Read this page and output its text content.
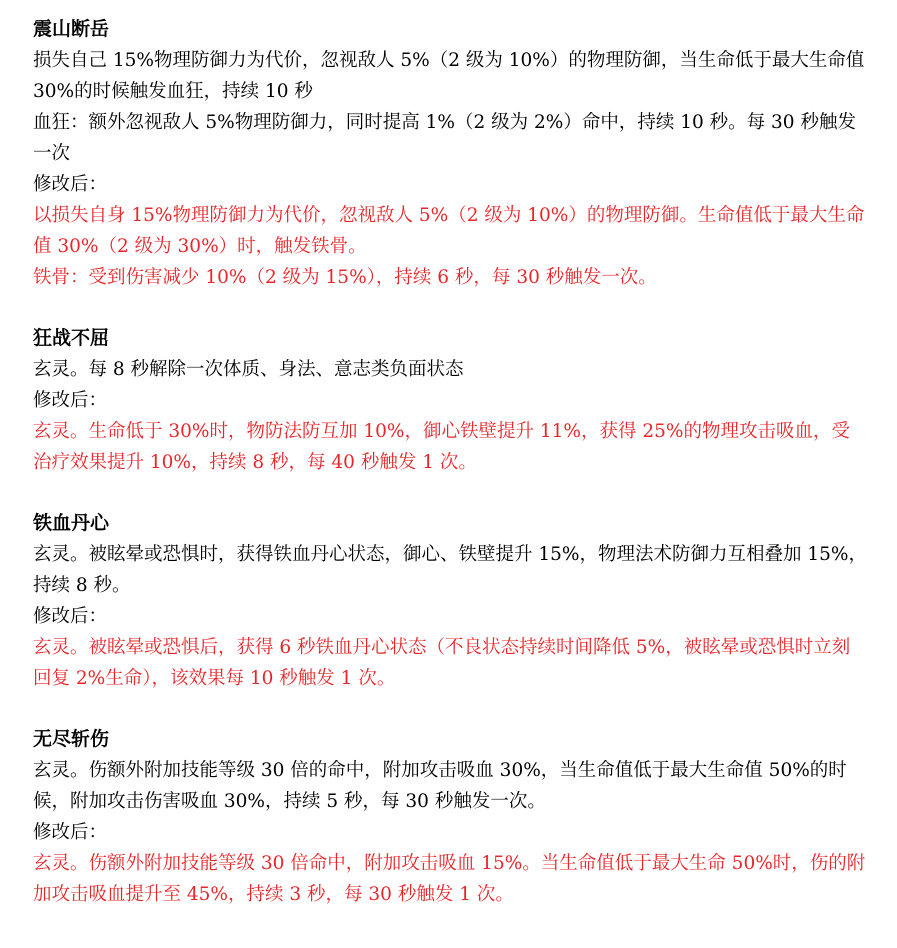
震山断岳

损失自己 15%物理防御力为代价，忽视敌人 5%（2 级为 10%）的物理防御，当生命低于最大生命值 30%的时候触发血狂，持续 10 秒

血狂：额外忽视敌人 5%物理防御力，同时提高 1%（2 级为 2%）命中，持续 10 秒。每 30 秒触发一次

修改后：

以损失自身 15%物理防御力为代价，忽视敌人 5%（2 级为 10%）的物理防御。生命值低于最大生命值 30%（2 级为 30%）时，触发铁骨。

铁骨：受到伤害减少 10%（2 级为 15%），持续 6 秒，每 30 秒触发一次。

狂战不屈

玄灵。每 8 秒解除一次体质、身法、意志类负面状态

修改后：

玄灵。生命低于 30%时，物防法防互加 10%，御心铁壁提升 11%，获得 25%的物理攻击吸血，受治疗效果提升 10%，持续 8 秒，每 40 秒触发 1 次。

铁血丹心

玄灵。被眩晕或恐惧时，获得铁血丹心状态，御心、铁壁提升 15%，物理法术防御力互相叠加 15%，持续 8 秒。

修改后：

玄灵。被眩晕或恐惧后，获得 6 秒铁血丹心状态（不良状态持续时间降低 5%，被眩晕或恐惧时立刻回复 2%生命），该效果每 10 秒触发 1 次。

无尽斩伤

玄灵。伤额外附加技能等级 30 倍的命中，附加攻击吸血 30%，当生命值低于最大生命值 50%的时候，附加攻击伤害吸血 30%，持续 5 秒，每 30 秒触发一次。

修改后：

玄灵。伤额外附加技能等级 30 倍命中，附加攻击吸血 15%。当生命值低于最大生命 50%时，伤的附加攻击吸血提升至 45%，持续 3 秒，每 30 秒触发 1 次。
